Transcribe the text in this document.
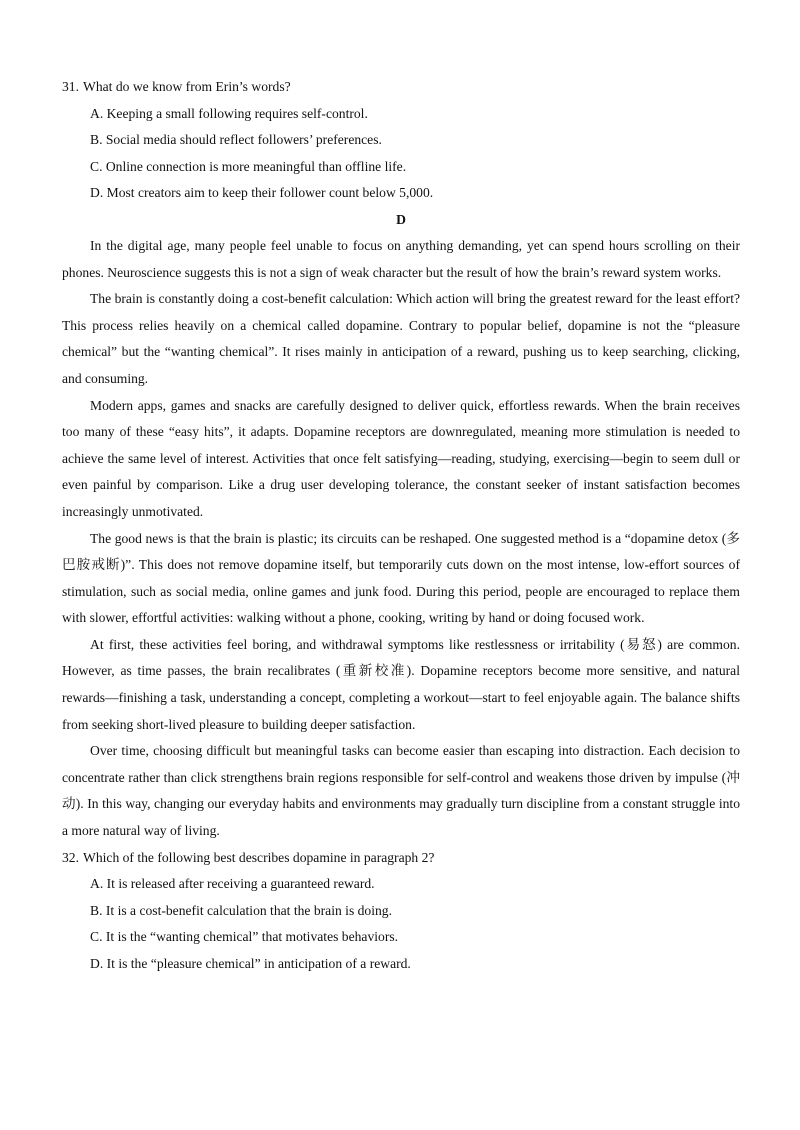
31. What do we know from Erin’s words?

A. Keeping a small following requires self-control.

B. Social media should reflect followers’ preferences.

C. Online connection is more meaningful than offline life.

D. Most creators aim to keep their follower count below 5,000.

D

In the digital age, many people feel unable to focus on anything demanding, yet can spend hours scrolling on their phones. Neuroscience suggests this is not a sign of weak character but the result of how the brain’s reward system works.

The brain is constantly doing a cost-benefit calculation: Which action will bring the greatest reward for the least effort? This process relies heavily on a chemical called dopamine. Contrary to popular belief, dopamine is not the “pleasure chemical” but the “wanting chemical”. It rises mainly in anticipation of a reward, pushing us to keep searching, clicking, and consuming.

Modern apps, games and snacks are carefully designed to deliver quick, effortless rewards. When the brain receives too many of these “easy hits”, it adapts. Dopamine receptors are downregulated, meaning more stimulation is needed to achieve the same level of interest. Activities that once felt satisfying—reading, studying, exercising—begin to seem dull or even painful by comparison. Like a drug user developing tolerance, the constant seeker of instant satisfaction becomes increasingly unmotivated.

The good news is that the brain is plastic; its circuits can be reshaped. One suggested method is a “dopamine detox (多巴胺戒断)”. This does not remove dopamine itself, but temporarily cuts down on the most intense, low-effort sources of stimulation, such as social media, online games and junk food. During this period, people are encouraged to replace them with slower, effortful activities: walking without a phone, cooking, writing by hand or doing focused work.

At first, these activities feel boring, and withdrawal symptoms like restlessness or irritability (易怒) are common. However, as time passes, the brain recalibrates (重新校准). Dopamine receptors become more sensitive, and natural rewards—finishing a task, understanding a concept, completing a workout—start to feel enjoyable again. The balance shifts from seeking short-lived pleasure to building deeper satisfaction.

Over time, choosing difficult but meaningful tasks can become easier than escaping into distraction. Each decision to concentrate rather than click strengthens brain regions responsible for self-control and weakens those driven by impulse (冲动). In this way, changing our everyday habits and environments may gradually turn discipline from a constant struggle into a more natural way of living.

32. Which of the following best describes dopamine in paragraph 2?

A. It is released after receiving a guaranteed reward.

B. It is a cost-benefit calculation that the brain is doing.

C. It is the “wanting chemical” that motivates behaviors.

D. It is the “pleasure chemical” in anticipation of a reward.
